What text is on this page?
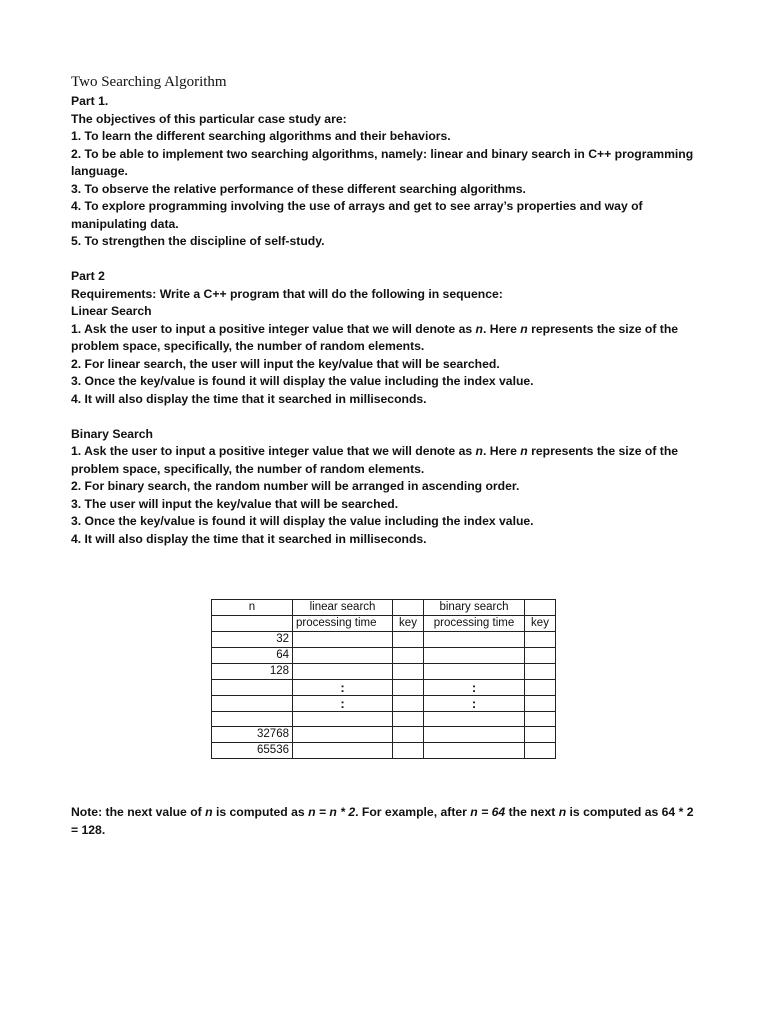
Two Searching Algorithm

Part 1.

The objectives of this particular case study are:

1. To learn the different searching algorithms and their behaviors.

2. To be able to implement two searching algorithms, namely: linear and binary search in C++ programming language.

3. To observe the relative performance of these different searching algorithms.

4. To explore programming involving the use of arrays and get to see array’s properties and way of manipulating data.

5. To strengthen the discipline of self-study.

Part 2

Requirements: Write a C++ program that will do the following in sequence:

Linear Search

1. Ask the user to input a positive integer value that we will denote as n. Here n represents the size of the problem space, specifically, the number of random elements.

2. For linear search, the user will input the key/value that will be searched.

3. Once the key/value is found it will display the value including the index value.

4. It will also display the time that it searched in milliseconds.

Binary Search

1. Ask the user to input a positive integer value that we will denote as n. Here n represents the size of the problem space, specifically, the number of random elements.

2. For binary search, the random number will be arranged in ascending order.

3. The user will input the key/value that will be searched.

3. Once the key/value is found it will display the value including the index value.

4. It will also display the time that it searched in milliseconds.

n	linear search		binary search	
	processing time	key	processing time	key
32				
64				
128				
	:		:	
	:		:	

32768				
65536				
Note: the next value of n is computed as n = n * 2. For example, after n = 64 the next n is computed as 64 * 2 = 128.
